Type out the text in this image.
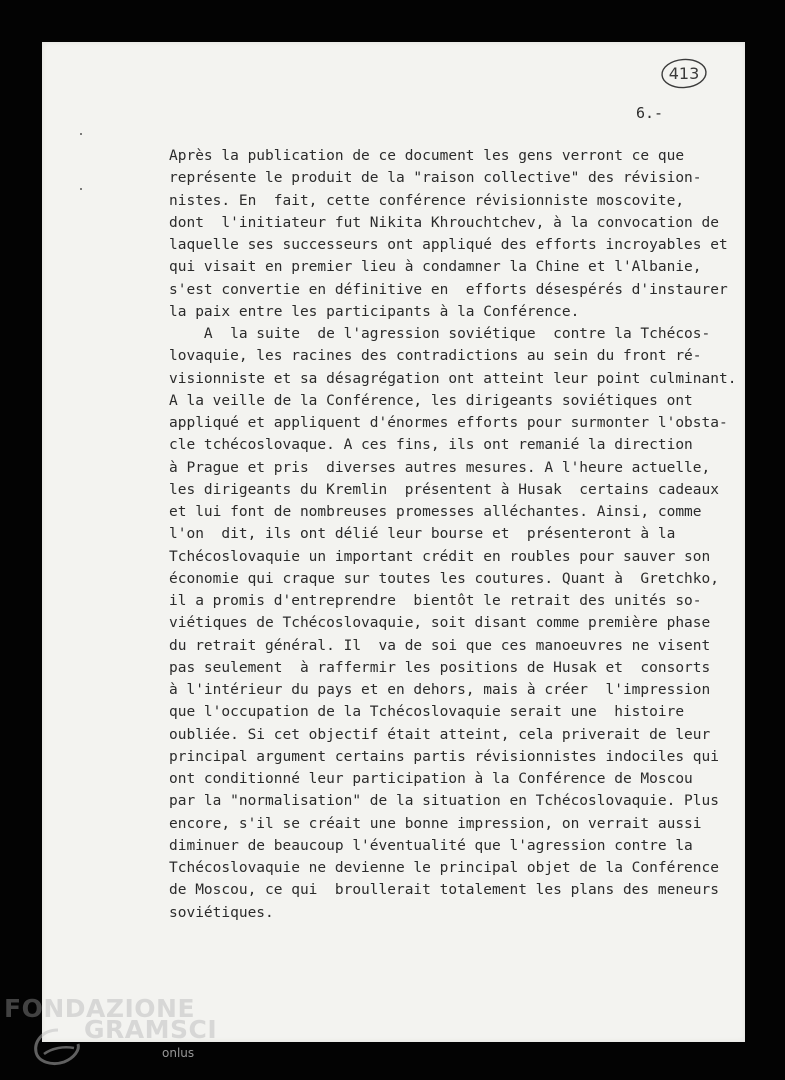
413
6.-
Après la publication de ce document les gens verront ce que
représente le produit de la "raison collective" des révision-
nistes. En  fait, cette conférence révisionniste moscovite,
dont  l'initiateur fut Nikita Khrouchtchev, à la convocation de
laquelle ses successeurs ont appliqué des efforts incroyables et
qui visait en premier lieu à condamner la Chine et l'Albanie,
s'est convertie en définitive en  efforts désespérés d'instaurer
la paix entre les participants à la Conférence.
A  la suite  de l'agression soviétique  contre la Tchécos-
lovaquie, les racines des contradictions au sein du front ré-
visionniste et sa désagrégation ont atteint leur point culminant.
A la veille de la Conférence, les dirigeants soviétiques ont
appliqué et appliquent d'énormes efforts pour surmonter l'obsta-
cle tchécoslovaque. A ces fins, ils ont remanié la direction
à Prague et pris  diverses autres mesures. A l'heure actuelle,
les dirigeants du Kremlin  présentent à Husak  certains cadeaux
et lui font de nombreuses promesses alléchantes. Ainsi, comme
l'on  dit, ils ont délié leur bourse et  présenteront à la
Tchécoslovaquie un important crédit en roubles pour sauver son
économie qui craque sur toutes les coutures. Quant à  Gretchko,
il a promis d'entreprendre  bientôt le retrait des unités so-
viétiques de Tchécoslovaquie, soit disant comme première phase
du retrait général. Il  va de soi que ces manoeuvres ne visent
pas seulement  à raffermir les positions de Husak et  consorts
à l'intérieur du pays et en dehors, mais à créer  l'impression
que l'occupation de la Tchécoslovaquie serait une  histoire
oubliée. Si cet objectif était atteint, cela priverait de leur
principal argument certains partis révisionnistes indociles qui
ont conditionné leur participation à la Conférence de Moscou
par la "normalisation" de la situation en Tchécoslovaquie. Plus
encore, s'il se créait une bonne impression, on verrait aussi
diminuer de beaucoup l'éventualité que l'agression contre la
Tchécoslovaquie ne devienne le principal objet de la Conférence
de Moscou, ce qui  broullerait totalement les plans des meneurs
soviétiques.
FONDAZIONE
GRAMSCI
onlus
